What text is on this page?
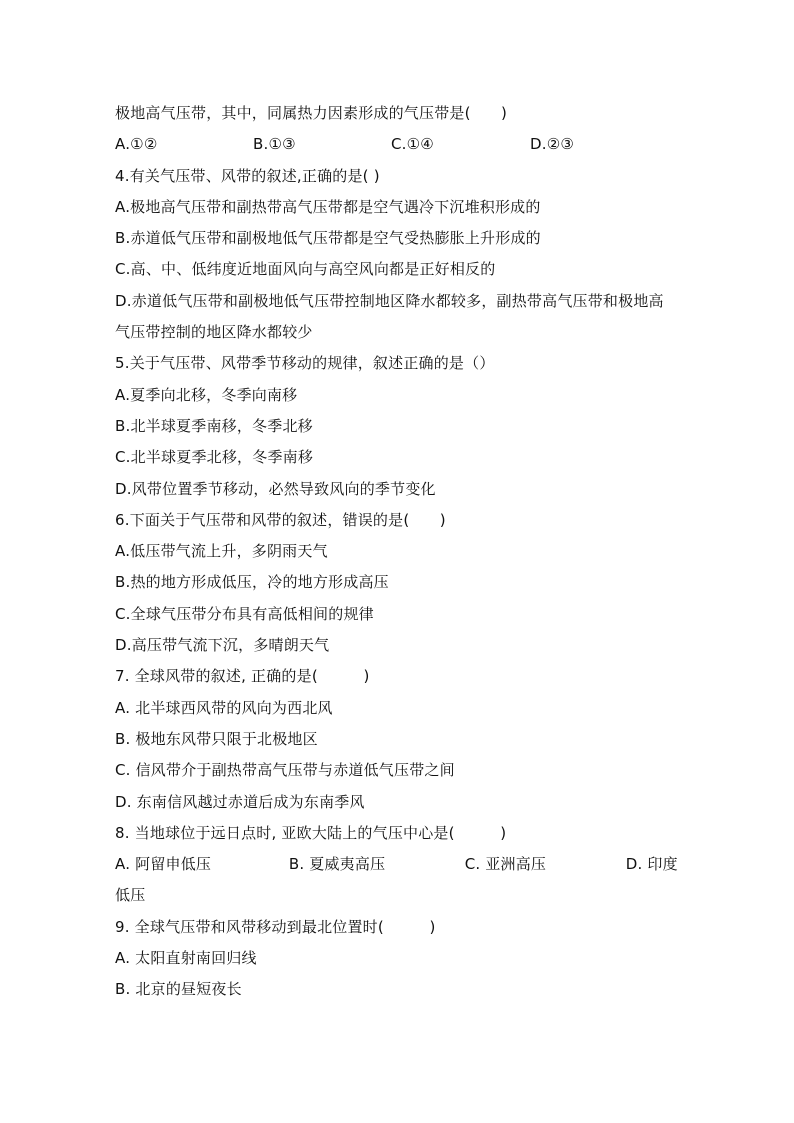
极地高气压带，其中，同属热力因素形成的气压带是(　　)
A.①②	B.①③	C.①④	D.②③
4.有关气压带、风带的叙述,正确的是( )
A.极地高气压带和副热带高气压带都是空气遇冷下沉堆积形成的
B.赤道低气压带和副极地低气压带都是空气受热膨胀上升形成的
C.高、中、低纬度近地面风向与高空风向都是正好相反的
D.赤道低气压带和副极地低气压带控制地区降水都较多，副热带高气压带和极地高
气压带控制的地区降水都较少
5.关于气压带、风带季节移动的规律，叙述正确的是（）
A.夏季向北移，冬季向南移
B.北半球夏季南移，冬季北移
C.北半球夏季北移，冬季南移
D.风带位置季节移动，必然导致风向的季节变化
6.下面关于气压带和风带的叙述，错误的是(　　)
A.低压带气流上升，多阴雨天气
B.热的地方形成低压，冷的地方形成高压
C.全球气压带分布具有高低相间的规律
D.高压带气流下沉，多晴朗天气
7. 全球风带的叙述, 正确的是(　　　)
A. 北半球西风带的风向为西北风
B. 极地东风带只限于北极地区
C. 信风带介于副热带高气压带与赤道低气压带之间
D. 东南信风越过赤道后成为东南季风
8. 当地球位于远日点时, 亚欧大陆上的气压中心是(　　　)
A. 阿留申低压	B. 夏威夷高压	C. 亚洲高压	D. 印度
低压
9. 全球气压带和风带移动到最北位置时(　　　)
A. 太阳直射南回归线
B. 北京的昼短夜长
